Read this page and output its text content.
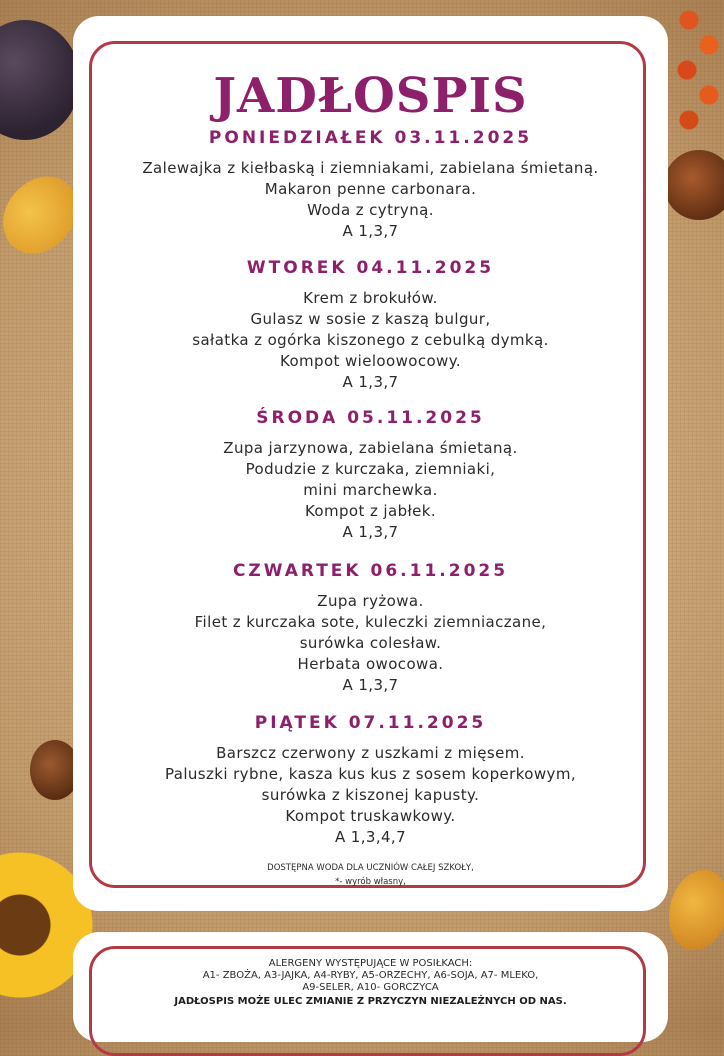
JADŁOSPIS
PONIEDZIAŁEK 03.11.2025
Zalewajka z kiełbaską i ziemniakami, zabielana śmietaną.
Makaron penne carbonara.
Woda z cytryną.
A 1,3,7
WTOREK 04.11.2025
Krem z brokułów.
Gulasz w sosie z kaszą bulgur,
sałatka z ogórka kiszonego z cebulką dymką.
Kompot wieloowocowy.
A 1,3,7
ŚRODA 05.11.2025
Zupa jarzynowa, zabielana śmietaną.
Podudzie z kurczaka, ziemniaki,
mini marchewka.
Kompot z jabłek.
A 1,3,7
CZWARTEK 06.11.2025
Zupa ryżowa.
Filet z kurczaka sote, kuleczki ziemniaczane,
surówka colesław.
Herbata owocowa.
A 1,3,7
PIĄTEK 07.11.2025
Barszcz czerwony z uszkami z mięsem.
Paluszki rybne, kasza kus kus z sosem koperkowym,
surówka z kiszonej kapusty.
Kompot truskawkowy.
A 1,3,4,7
DOSTĘPNA WODA DLA UCZNIÓW CAŁEJ SZKOŁY,
*- wyrób własny,
ALERGENY WYSTĘPUJĄCE W POSIŁKACH:
A1- ZBOŻA, A3-JAJKA, A4-RYBY, A5-ORZECHY, A6-SOJA, A7- MLEKO,
A9-SELER, A10- GORCZYCA
JADŁOSPIS MOŻE ULEC ZMIANIE Z PRZYCZYN NIEZALEŻNYCH OD NAS.
